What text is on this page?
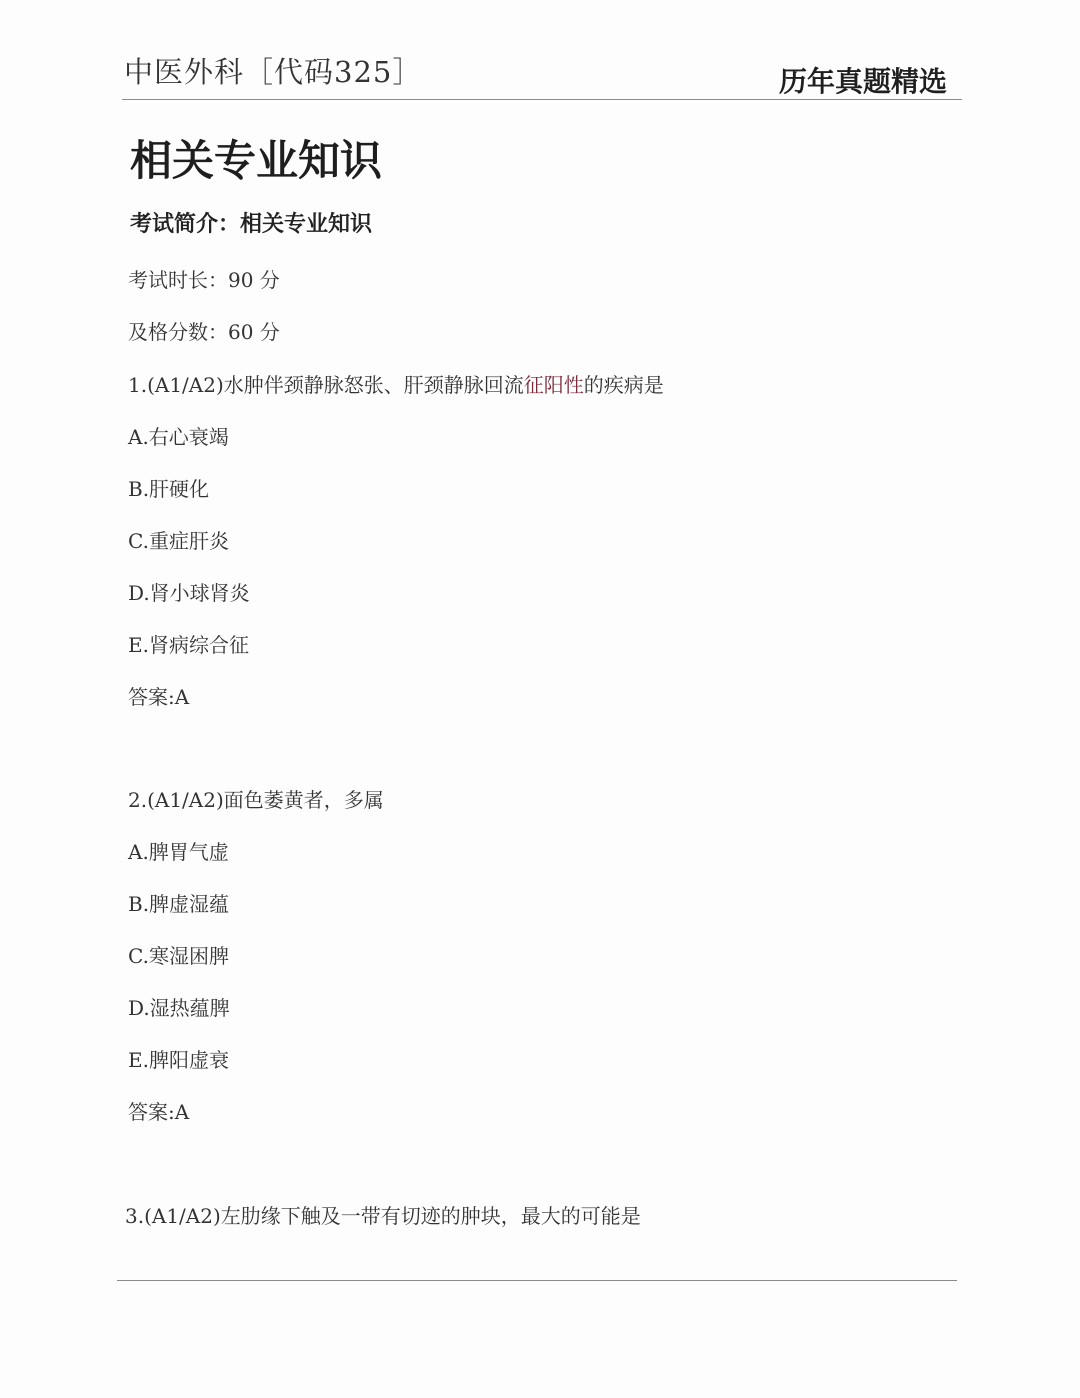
中医外科［代码325］	历年真题精选
相关专业知识
考试简介：相关专业知识
考试时长：90 分
及格分数：60 分
1.(A1/A2)水肿伴颈静脉怒张、肝颈静脉回流征阳性的疾病是
A.右心衰竭
B.肝硬化
C.重症肝炎
D.肾小球肾炎
E.肾病综合征
答案:A
2.(A1/A2)面色萎黄者，多属
A.脾胃气虚
B.脾虚湿蕴
C.寒湿困脾
D.湿热蕴脾
E.脾阳虚衰
答案:A
3.(A1/A2)左肋缘下触及一带有切迹的肿块，最大的可能是
